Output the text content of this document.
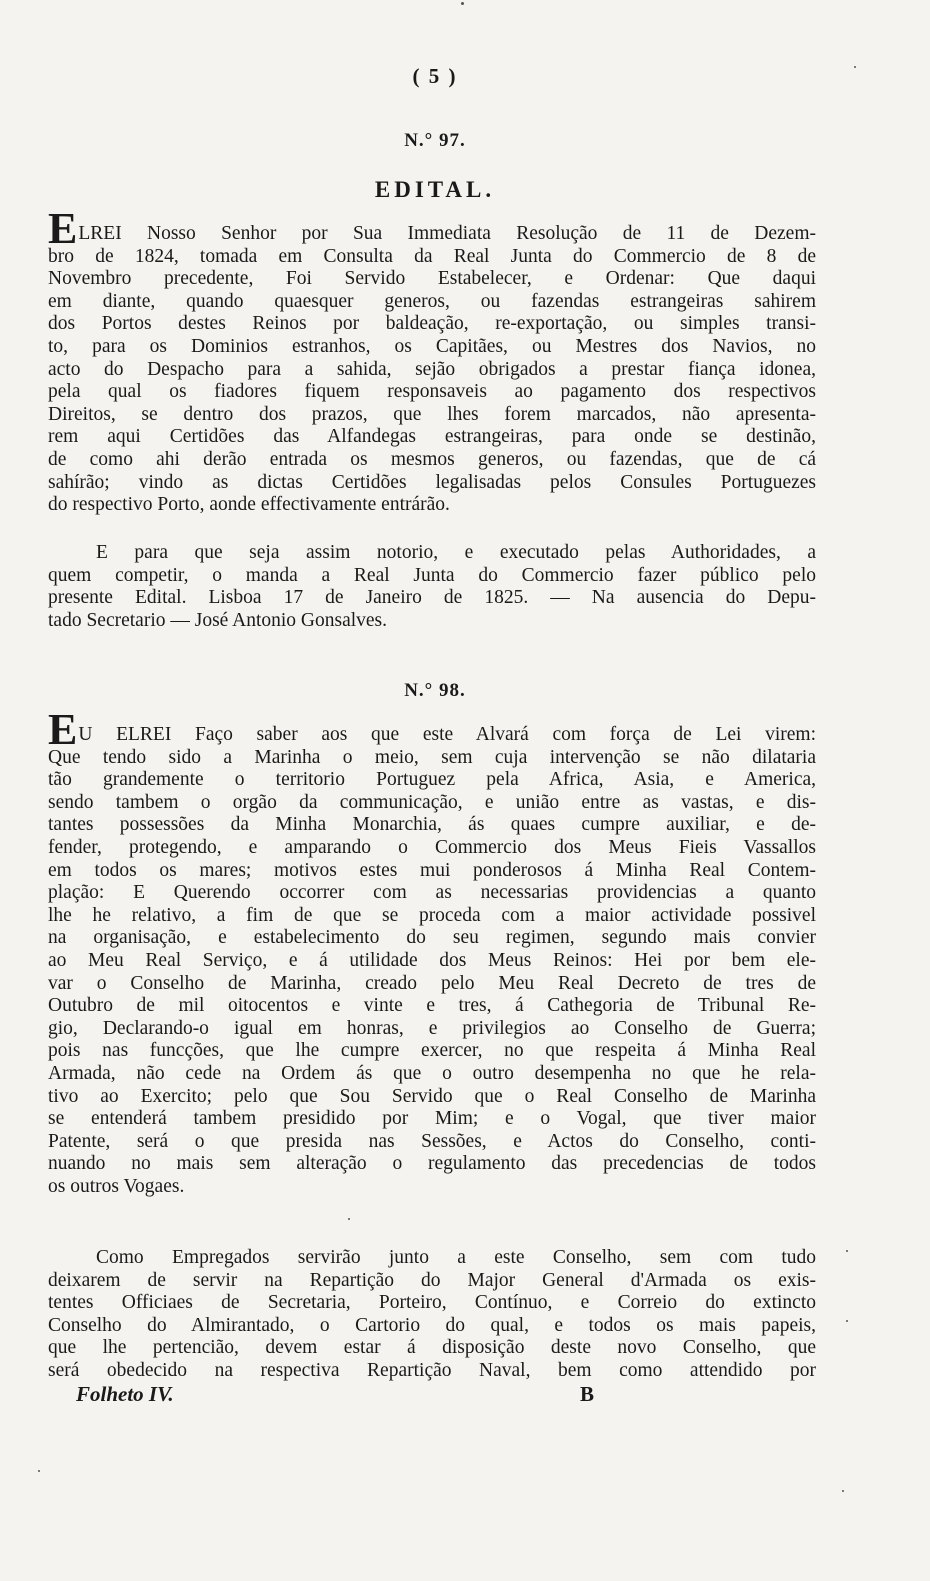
( 5 )
N.° 97.
EDITAL.
ELREI Nosso Senhor por Sua Immediata Resolução de 11 de Dezem-
bro de 1824, tomada em Consulta da Real Junta do Commercio de 8 de
Novembro precedente, Foi Servido Estabelecer, e Ordenar: Que daqui
em diante, quando quaesquer generos, ou fazendas estrangeiras sahirem
dos Portos destes Reinos por baldeação, re-exportação, ou simples transi-
to, para os Dominios estranhos, os Capitães, ou Mestres dos Navios, no
acto do Despacho para a sahida, sejão obrigados a prestar fiança idonea,
pela qual os fiadores fiquem responsaveis ao pagamento dos respectivos
Direitos, se dentro dos prazos, que lhes forem marcados, não apresenta-
rem aqui Certidões das Alfandegas estrangeiras, para onde se destinão,
de como ahi derão entrada os mesmos generos, ou fazendas, que de cá
sahírão; vindo as dictas Certidões legalisadas pelos Consules Portuguezes
do respectivo Porto, aonde effectivamente entrárão.
E para que seja assim notorio, e executado pelas Authoridades, a
quem competir, o manda a Real Junta do Commercio fazer público pelo
presente Edital. Lisboa 17 de Janeiro de 1825. — Na ausencia do Depu-
tado Secretario — José Antonio Gonsalves.
N.° 98.
EU ELREI Faço saber aos que este Alvará com força de Lei virem:
Que tendo sido a Marinha o meio, sem cuja intervenção se não dilataria
tão grandemente o territorio Portuguez pela Africa, Asia, e America,
sendo tambem o orgão da communicação, e união entre as vastas, e dis-
tantes possessões da Minha Monarchia, ás quaes cumpre auxiliar, e de-
fender, protegendo, e amparando o Commercio dos Meus Fieis Vassallos
em todos os mares; motivos estes mui ponderosos á Minha Real Contem-
plação: E Querendo occorrer com as necessarias providencias a quanto
lhe he relativo, a fim de que se proceda com a maior actividade possivel
na organisação, e estabelecimento do seu regimen, segundo mais convier
ao Meu Real Serviço, e á utilidade dos Meus Reinos: Hei por bem ele-
var o Conselho de Marinha, creado pelo Meu Real Decreto de tres de
Outubro de mil oitocentos e vinte e tres, á Cathegoria de Tribunal Re-
gio, Declarando-o igual em honras, e privilegios ao Conselho de Guerra;
pois nas funcções, que lhe cumpre exercer, no que respeita á Minha Real
Armada, não cede na Ordem ás que o outro desempenha no que he rela-
tivo ao Exercito; pelo que Sou Servido que o Real Conselho de Marinha
se entenderá tambem presidido por Mim; e o Vogal, que tiver maior
Patente, será o que presida nas Sessões, e Actos do Conselho, conti-
nuando no mais sem alteração o regulamento das precedencias de todos
os outros Vogaes.
Como Empregados servirão junto a este Conselho, sem com tudo
deixarem de servir na Repartição do Major General d'Armada os exis-
tentes Officiaes de Secretaria, Porteiro, Contínuo, e Correio do extincto
Conselho do Almirantado, o Cartorio do qual, e todos os mais papeis,
que lhe pertencião, devem estar á disposição deste novo Conselho, que
será obedecido na respectiva Repartição Naval, bem como attendido por
Folheto IV.	B
